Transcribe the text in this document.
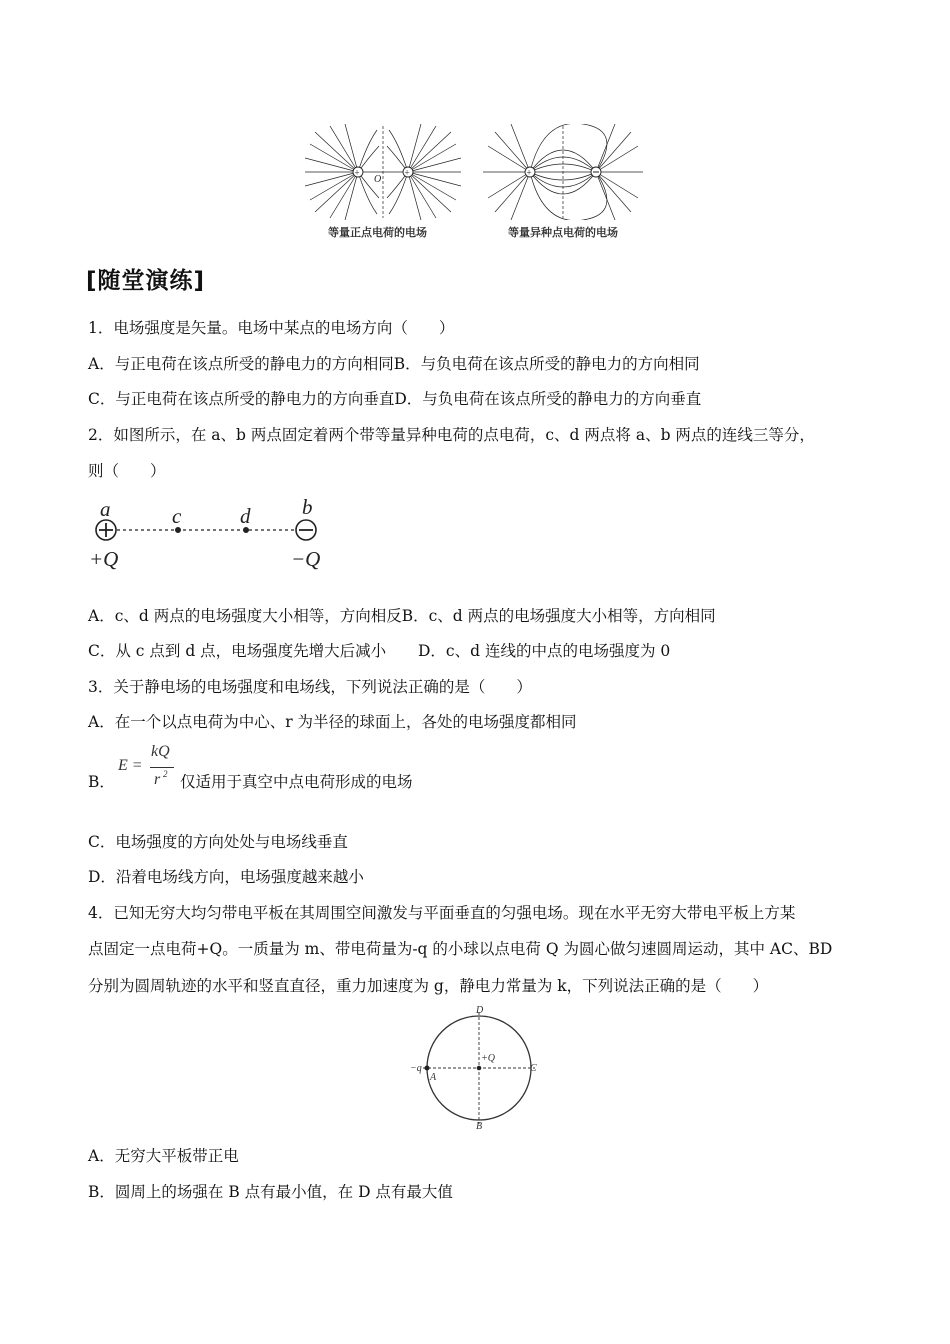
+	+
O
等量正点电荷的电场
+
等量异种点电荷的电场
[随堂演练]
1．电场强度是矢量。电场中某点的电场方向（　　）
A．与正电荷在该点所受的静电力的方向相同B．与负电荷在该点所受的静电力的方向相同
C．与正电荷在该点所受的静电力的方向垂直D．与负电荷在该点所受的静电力的方向垂直
2．如图所示，在 a、b 两点固定着两个带等量异种电荷的点电荷，c、d 两点将 a、b 两点的连线三等分，
则（　　）
a	c	d b
+Q	−Q
A．c、d 两点的电场强度大小相等，方向相反B．c、d 两点的电场强度大小相等，方向相同
C．从 c 点到 d 点，电场强度先增大后减小 D．c、d 连线的中点的电场强度为 0
3．关于静电场的电场强度和电场线，下列说法正确的是（　　）
A．在一个以点电荷为中心、r 为半径的球面上，各处的电场强度都相同
B．
E =
kQ
r 2 仅适用于真空中点电荷形成的电场
C．电场强度的方向处处与电场线垂直
D．沿着电场线方向，电场强度越来越小
4．已知无穷大均匀带电平板在其周围空间激发与平面垂直的匀强电场。现在水平无穷大带电平板上方某
点固定一点电荷+Q。一质量为 m、带电荷量为-q 的小球以点电荷 Q 为圆心做匀速圆周运动，其中 AC、BD
分别为圆周轨迹的水平和竖直直径，重力加速度为 g，静电力常量为 k，下列说法正确的是（　　）
D
B
A
C
−q
+Q
A．无穷大平板带正电
B．圆周上的场强在 B 点有最小值，在 D 点有最大值
